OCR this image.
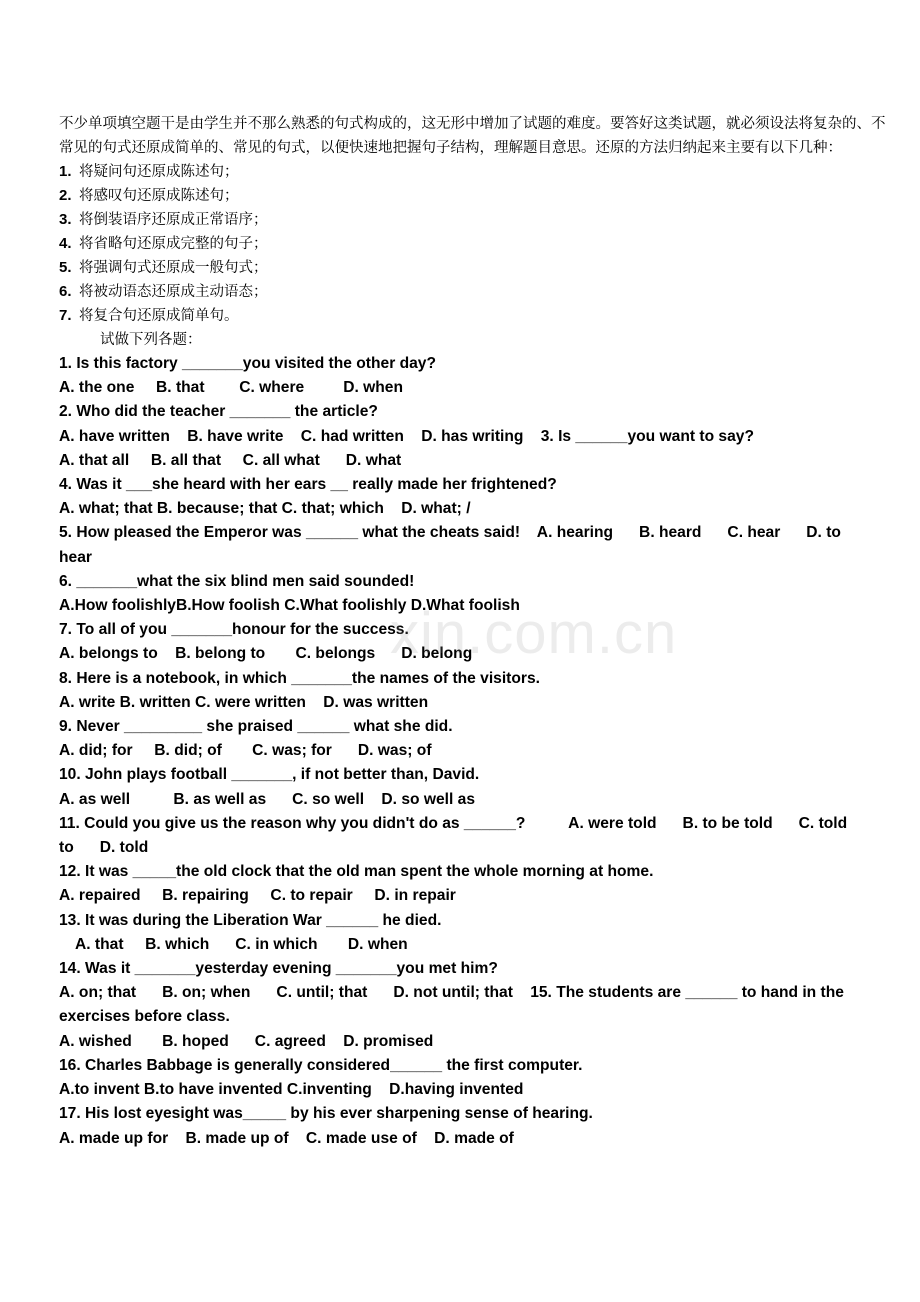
不少单项填空题干是由学生并不那么熟悉的句式构成的，这无形中增加了试题的难度。要答好这类试题，就必须设法将复杂的、不常见的句式还原成简单的、常见的句式，以便快速地把握句子结构，理解题目意思。还原的方法归纳起来主要有以下几种：

1. 将疑问句还原成陈述句；

2. 将感叹句还原成陈述句；

3. 将倒装语序还原成正常语序；

4. 将省略句还原成完整的句子；

5. 将强调句式还原成一般句式；

6. 将被动语态还原成主动语态；

7. 将复合句还原成简单句。

试做下列各题：

1. Is this factory _______you visited the other day?

A. the one     B. that        C. where         D. when

2. Who did the teacher _______ the article?

A. have written    B. have write    C. had written    D. has writing    3. Is ______you want to say?

A. that all     B. all that     C. all what      D. what

4. Was it ___she heard with her ears __ really made her frightened?

A. what; that B. because; that C. that; which    D. what; /

5. How pleased the Emperor was ______ what the cheats said!    A. hearing      B. heard      C. hear      D. to

hear

6. _______what the six blind men said sounded!

A.How foolishlyB.How foolish C.What foolishly D.What foolish

7. To all of you _______honour for the success.

A. belongs to    B. belong to       C. belongs      D. belong

8. Here is a notebook, in which _______the names of the visitors.

A. write B. written C. were written    D. was written

9. Never _________ she praised ______ what she did.

A. did; for     B. did; of       C. was; for      D. was; of

10. John plays football _______, if not better than, David.

A. as well          B. as well as      C. so well    D. so well as

11. Could you give us the reason why you didn't do as ______?          A. were told      B. to be told      C. told

to      D. told

12. It was _____the old clock that the old man spent the whole morning at home.

A. repaired     B. repairing     C. to repair     D. in repair

13. It was during the Liberation War ______ he died.

A. that     B. which      C. in which       D. when

14. Was it _______yesterday evening _______you met him?

A. on; that      B. on; when      C. until; that      D. not until; that    15. The students are ______ to hand in the

exercises before class.

A. wished       B. hoped      C. agreed    D. promised

16. Charles Babbage is generally considered______ the first computer.

A.to invent B.to have invented C.inventing    D.having invented

17. His lost eyesight was_____ by his ever sharpening sense of hearing.

A. made up for    B. made up of    C. made use of    D. made of

xin.com.cn
